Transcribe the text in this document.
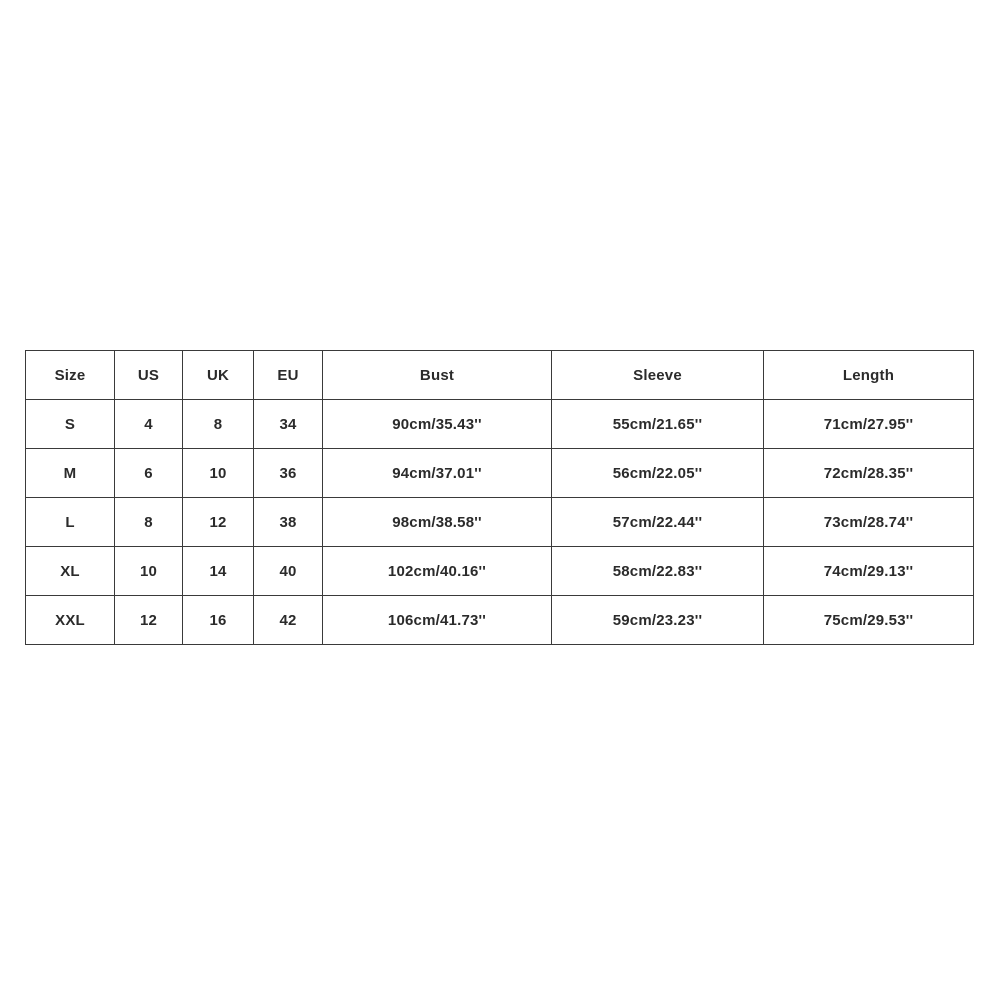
Size	US	UK	EU	Bust	Sleeve	Length
S	4	8	34	90cm/35.43''	55cm/21.65''	71cm/27.95''
M	6	10	36	94cm/37.01''	56cm/22.05''	72cm/28.35''
L	8	12	38	98cm/38.58''	57cm/22.44''	73cm/28.74''
XL	10	14	40	102cm/40.16''	58cm/22.83''	74cm/29.13''
XXL	12	16	42	106cm/41.73''	59cm/23.23''	75cm/29.53''
